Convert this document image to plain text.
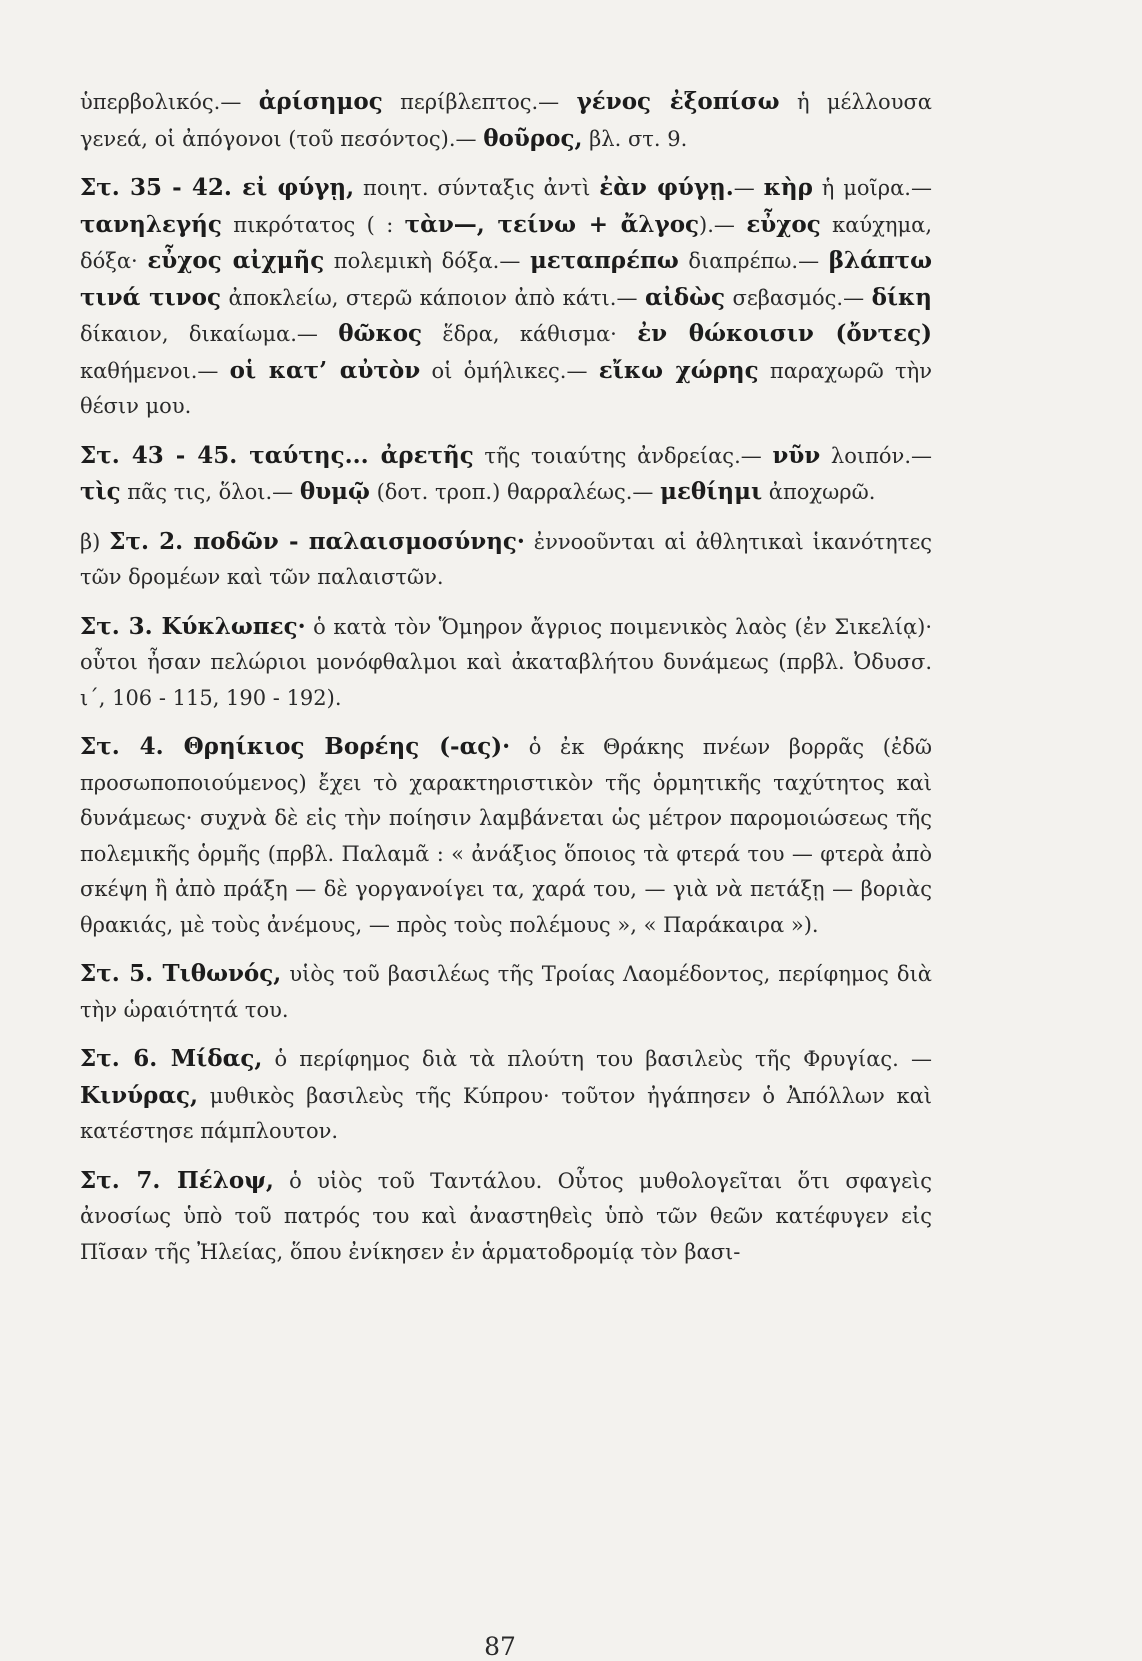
ὑπερβολικός.— ἀρίσημος περίβλεπτος.— γένος ἐξοπίσω ἡ μέλλουσα γενεά, οἱ ἀπόγονοι (τοῦ πεσόντος).— θοῦρος, βλ. στ. 9.

Στ. 35 - 42. εἰ φύγῃ, ποιητ. σύνταξις ἀντὶ ἐὰν φύγῃ.— κὴρ ἡ μοῖρα.— τανηλεγής πικρότατος ( : τὰν—, τείνω + ἄλγος).— εὖχος καύχημα, δόξα· εὖχος αἰχμῆς πολεμικὴ δόξα.— μεταπρέπω διαπρέπω.— βλάπτω τινά τινος ἀποκλείω, στερῶ κάποιον ἀπὸ κάτι.— αἰδὼς σεβασμός.— δίκη δίκαιον, δικαίωμα.— θῶκος ἕδρα, κάθισμα· ἐν θώκοισιν (ὄντες) καθήμενοι.— οἱ κατ’ αὐτὸν οἱ ὁμήλικες.— εἴκω χώρης παραχωρῶ τὴν θέσιν μου.

Στ. 43 - 45. ταύτης... ἀρετῆς τῆς τοιαύτης ἀνδρείας.— νῦν λοιπόν.— τὶς πᾶς τις, ὅλοι.— θυμῷ (δοτ. τροπ.) θαρραλέως.— μεθίημι ἀποχωρῶ.

β) Στ. 2. ποδῶν - παλαισμοσύνης· ἐννοοῦνται αἱ ἀθλητικαὶ ἱκανότητες τῶν δρομέων καὶ τῶν παλαιστῶν.

Στ. 3. Κύκλωπες· ὁ κατὰ τὸν Ὅμηρον ἄγριος ποιμενικὸς λαὸς (ἐν Σικελίᾳ)· οὗτοι ἦσαν πελώριοι μονόφθαλμοι καὶ ἀκαταβλήτου δυνάμεως (πρβλ. Ὀδυσσ. ι΄, 106 - 115, 190 - 192).

Στ. 4. Θρηίκιος Βορέης (-ας)· ὁ ἐκ Θράκης πνέων βορρᾶς (ἐδῶ προσωποποιούμενος) ἔχει τὸ χαρακτηριστικὸν τῆς ὁρμητικῆς ταχύτητος καὶ δυνάμεως· συχνὰ δὲ εἰς τὴν ποίησιν λαμβάνεται ὡς μέτρον παρομοιώσεως τῆς πολεμικῆς ὁρμῆς (πρβλ. Παλαμᾶ : « ἀνάξιος ὅποιος τὰ φτερά του — φτερὰ ἀπὸ σκέψη ἢ ἀπὸ πράξη — δὲ γοργανοίγει τα, χαρά του, — γιὰ νὰ πετάξῃ — βοριὰς θρακιάς, μὲ τοὺς ἀνέμους, — πρὸς τοὺς πολέμους », « Παράκαιρα »).

Στ. 5. Τιθωνός, υἱὸς τοῦ βασιλέως τῆς Τροίας Λαομέδοντος, περίφημος διὰ τὴν ὡραιότητά του.

Στ. 6. Μίδας, ὁ περίφημος διὰ τὰ πλούτη του βασιλεὺς τῆς Φρυγίας. — Κινύρας, μυθικὸς βασιλεὺς τῆς Κύπρου· τοῦτον ἠγάπησεν ὁ Ἀπόλλων καὶ κατέστησε πάμπλουτον.

Στ. 7. Πέλοψ, ὁ υἱὸς τοῦ Ταντάλου. Οὗτος μυθολογεῖται ὅτι σφαγεὶς ἀνοσίως ὑπὸ τοῦ πατρός του καὶ ἀναστηθεὶς ὑπὸ τῶν θεῶν κατέφυγεν εἰς Πῖσαν τῆς Ἠλείας, ὅπου ἐνίκησεν ἐν ἁρματοδρομίᾳ τὸν βασι-

87
